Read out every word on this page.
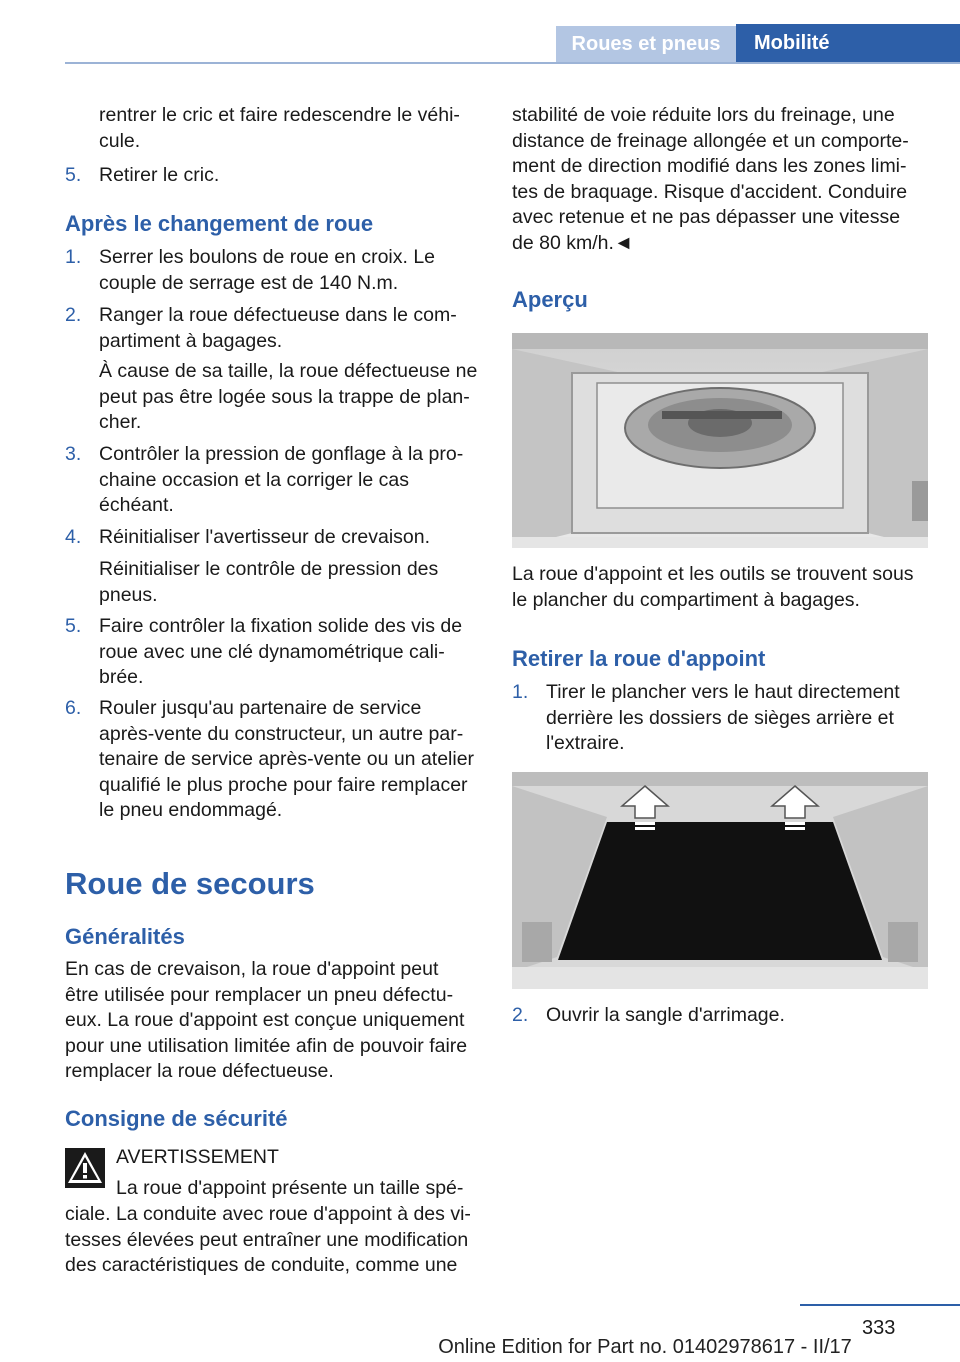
Roues et pneus	Mobilité
rentrer le cric et faire redescendre le véhi-
cule.
5. Retirer le cric.
Après le changement de roue
1. Serrer les boulons de roue en croix. Le
couple de serrage est de 140 N.m.
2. Ranger la roue défectueuse dans le com-
partiment à bagages.
À cause de sa taille, la roue défectueuse ne
peut pas être logée sous la trappe de plan-
cher.
3. Contrôler la pression de gonflage à la pro-
chaine occasion et la corriger le cas
échéant.
4. Réinitialiser l'avertisseur de crevaison.
Réinitialiser le contrôle de pression des
pneus.
5. Faire contrôler la fixation solide des vis de
roue avec une clé dynamométrique cali-
brée.
6. Rouler jusqu'au partenaire de service
après-vente du constructeur, un autre par-
tenaire de service après-vente ou un atelier
qualifié le plus proche pour faire remplacer
le pneu endommagé.
Roue de secours
Généralités
En cas de crevaison, la roue d'appoint peut
être utilisée pour remplacer un pneu défectu-
eux. La roue d'appoint est conçue uniquement
pour une utilisation limitée afin de pouvoir faire
remplacer la roue défectueuse.
Consigne de sécurité
AVERTISSEMENT
La roue d'appoint présente un taille spé-
ciale. La conduite avec roue d'appoint à des vi-
tesses élevées peut entraîner une modification
des caractéristiques de conduite, comme une
stabilité de voie réduite lors du freinage, une
distance de freinage allongée et un comporte-
ment de direction modifié dans les zones limi-
tes de braquage. Risque d'accident. Conduire
avec retenue et ne pas dépasser une vitesse
de 80 km/h.◄
Aperçu
La roue d'appoint et les outils se trouvent sous
le plancher du compartiment à bagages.
Retirer la roue d'appoint
1. Tirer le plancher vers le haut directement
derrière les dossiers de sièges arrière et
l'extraire.
2. Ouvrir la sangle d'arrimage.
333
Online Edition for Part no. 01402978617 - II/17
